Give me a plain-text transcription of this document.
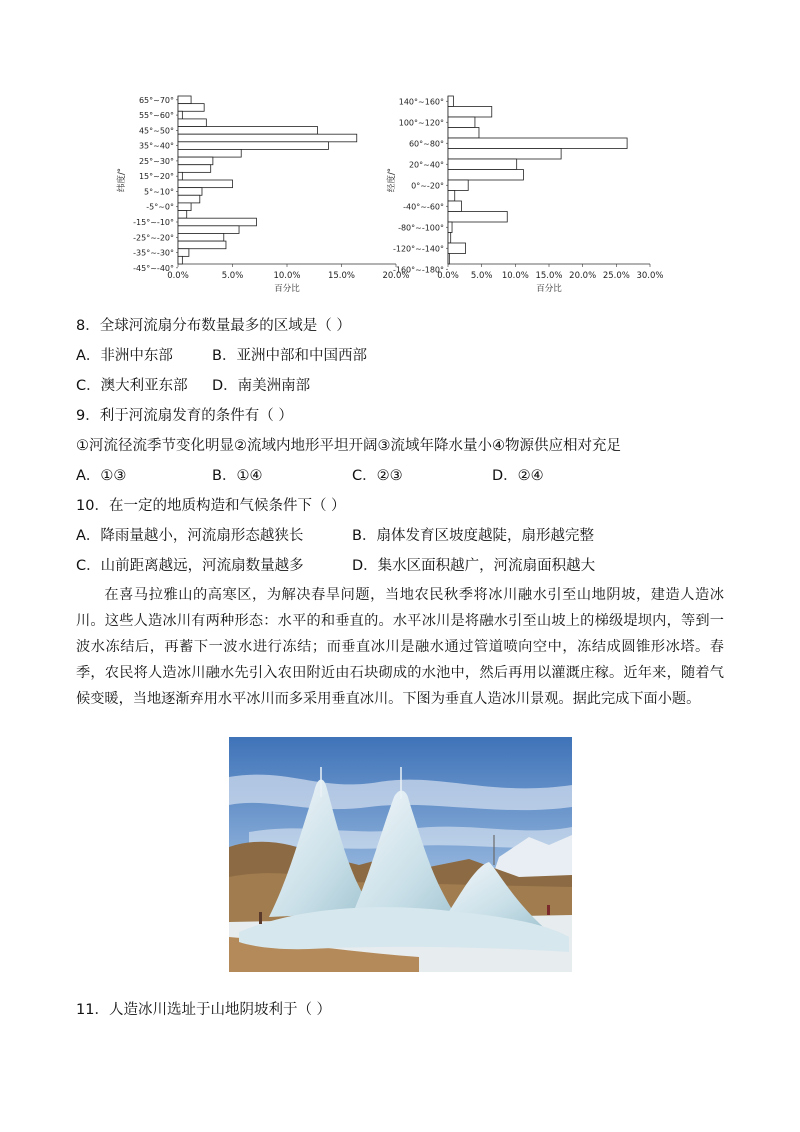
65°~70°
55°~60°
45°~50°
35°~40°
25°~30°
15°~20°
5°~10°
-5°~0°
-15°~-10°
-25°~-20°
-35°~-30°
-45°~-40°
0.0%	5.0%	10.0%	15.0%	20.0%
百分比
纬度/°
140°~160°
100°~120°
60°~80°
20°~40°
0°~-20°
-40°~-60°
-80°~-100°
-120°~-140°
-160°~-180°
0.0% 5.0% 10.0% 15.0% 20.0% 25.0% 30.0%
百分比
经度/°
8．全球河流扇分布数量最多的区域是（ ）
A．非洲中东部	B．亚洲中部和中国西部
C．澳大利亚东部 D．南美洲南部
9．利于河流扇发育的条件有（ ）
①河流径流季节变化明显②流域内地形平坦开阔③流域年降水量小④物源供应相对充足
A．①③	B．①④	C．②③	D．②④
10．在一定的地质构造和气候条件下（ ）
A．降雨量越小，河流扇形态越狭长	B．扇体发育区坡度越陡，扇形越完整
C．山前距离越远，河流扇数量越多	D．集水区面积越广，河流扇面积越大

在喜马拉雅山的高寒区，为解决春旱问题，当地农民秋季将冰川融水引至山地阴坡，建造人造冰川。这些人造冰川有两种形态：水平的和垂直的。水平冰川是将融水引至山坡上的梯级堤坝内，等到一波水冻结后，再蓄下一波水进行冻结；而垂直冰川是融水通过管道喷向空中，冻结成圆锥形冰塔。春季，农民将人造冰川融水先引入农田附近由石块砌成的水池中，然后再用以灌溉庄稼。近年来，随着气候变暖，当地逐渐弃用水平冰川而多采用垂直冰川。下图为垂直人造冰川景观。据此完成下面小题。

11．人造冰川选址于山地阴坡利于（ ）
